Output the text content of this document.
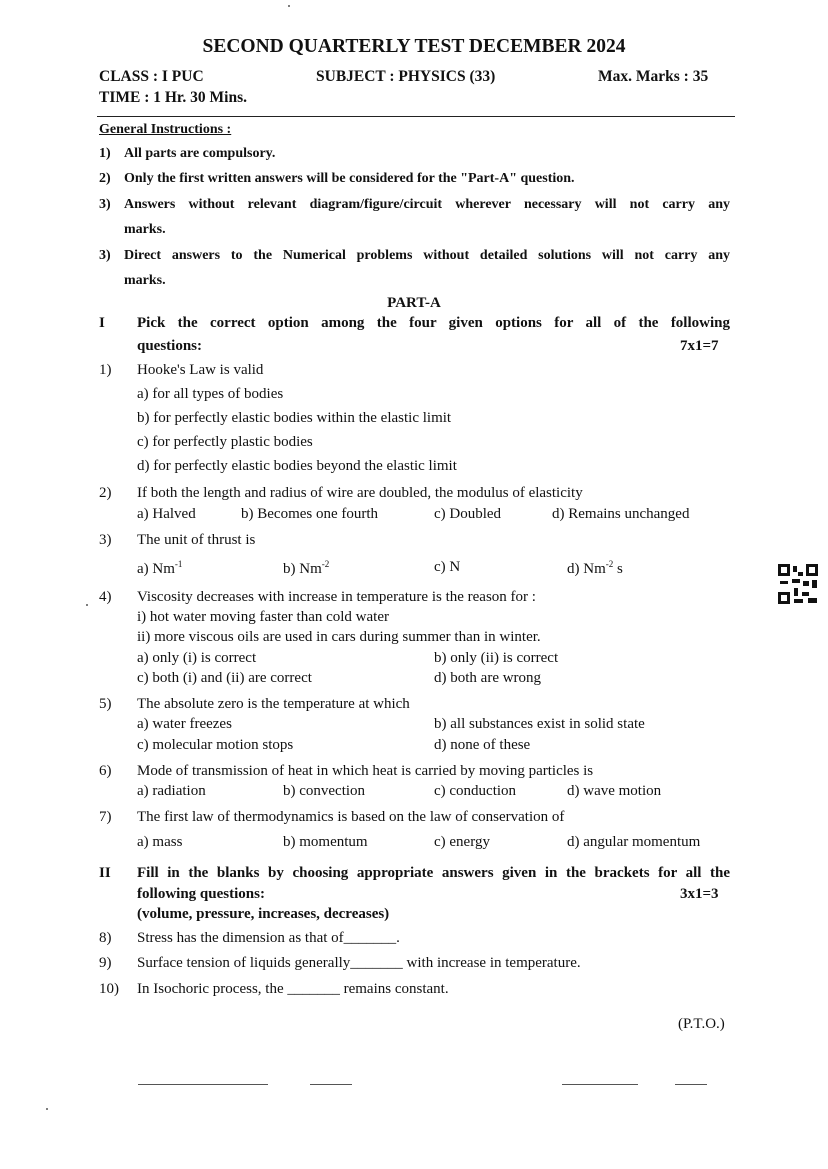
SECOND QUARTERLY TEST DECEMBER 2024
CLASS : I PUC	SUBJECT : PHYSICS (33)	Max. Marks : 35
TIME : 1 Hr. 30 Mins.
General Instructions :
1) All parts are compulsory.
2) Only the first written answers will be considered for the "Part-A" question.
3) Answers without relevant diagram/figure/circuit wherever necessary will not carry any
marks.
3) Direct answers to the Numerical problems without detailed solutions will not carry any
marks.
PART-A
I Pick the correct option among the four given options for all of the following
questions:	7x1=7
1) Hooke's Law is valid
a) for all types of bodies
b) for perfectly elastic bodies within the elastic limit
c) for perfectly plastic bodies
d) for perfectly elastic bodies beyond the elastic limit
2) If both the length and radius of wire are doubled, the modulus of elasticity
a) Halved	b) Becomes one fourth	c) Doubled	d) Remains unchanged
3) The unit of thrust is
a) $Nm^{-1}$	b) $Nm^{-2}$	c) N	d) $Nm^{-2}$ s
4) Viscosity decreases with increase in temperature is the reason for :
i) hot water moving faster than cold water
ii) more viscous oils are used in cars during summer than in winter.
a) only (i) is correct	b) only (ii) is correct
c) both (i) and (ii) are correct	d) both are wrong
5) The absolute zero is the temperature at which
a) water freezes	b) all substances exist in solid state
c) molecular motion stops	d) none of these
6) Mode of transmission of heat in which heat is carried by moving particles is
a) radiation	b) convection	c) conduction	d) wave motion
7) The first law of thermodynamics is based on the law of conservation of
a) mass	b) momentum	c) energy	d) angular momentum
II Fill in the blanks by choosing appropriate answers given in the brackets for all the
following questions:	3x1=3
(volume, pressure, increases, decreases)
8) Stress has the dimension as that of_______.
9) Surface tension of liquids generally_______ with increase in temperature.
10) In Isochoric process, the _______ remains constant.
(P.T.O.)
